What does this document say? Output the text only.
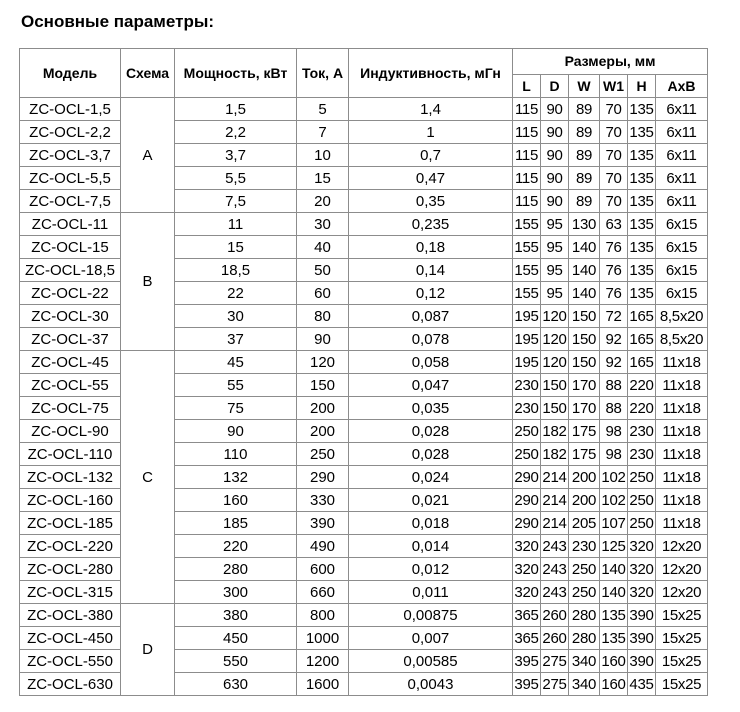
Основные параметры:
Модель	Схема	Мощность, кВт	Ток, А	Индуктивность, мГн	Размеры, мм					
					L	D	W	W1	H	AxB
ZC-OCL-1,5	A	1,5	5	1,4	115	90	89	70	135	6x11
ZC-OCL-2,2		2,2	7	1	115	90	89	70	135	6x11
ZC-OCL-3,7		3,7	10	0,7	115	90	89	70	135	6x11
ZC-OCL-5,5		5,5	15	0,47	115	90	89	70	135	6x11
ZC-OCL-7,5		7,5	20	0,35	115	90	89	70	135	6x11
ZC-OCL-11	B	11	30	0,235	155	95	130	63	135	6x15
ZC-OCL-15		15	40	0,18	155	95	140	76	135	6x15
ZC-OCL-18,5		18,5	50	0,14	155	95	140	76	135	6x15
ZC-OCL-22		22	60	0,12	155	95	140	76	135	6x15
ZC-OCL-30		30	80	0,087	195	120	150	72	165	8,5x20
ZC-OCL-37		37	90	0,078	195	120	150	92	165	8,5x20
ZC-OCL-45	C	45	120	0,058	195	120	150	92	165	11x18
ZC-OCL-55		55	150	0,047	230	150	170	88	220	11x18
ZC-OCL-75		75	200	0,035	230	150	170	88	220	11x18
ZC-OCL-90		90	200	0,028	250	182	175	98	230	11x18
ZC-OCL-110		110	250	0,028	250	182	175	98	230	11x18
ZC-OCL-132		132	290	0,024	290	214	200	102	250	11x18
ZC-OCL-160		160	330	0,021	290	214	200	102	250	11x18
ZC-OCL-185		185	390	0,018	290	214	205	107	250	11x18
ZC-OCL-220		220	490	0,014	320	243	230	125	320	12x20
ZC-OCL-280		280	600	0,012	320	243	250	140	320	12x20
ZC-OCL-315		300	660	0,011	320	243	250	140	320	12x20
ZC-OCL-380	D	380	800	0,00875	365	260	280	135	390	15x25
ZC-OCL-450		450	1000	0,007	365	260	280	135	390	15x25
ZC-OCL-550		550	1200	0,00585	395	275	340	160	390	15x25
ZC-OCL-630		630	1600	0,0043	395	275	340	160	435	15x25
